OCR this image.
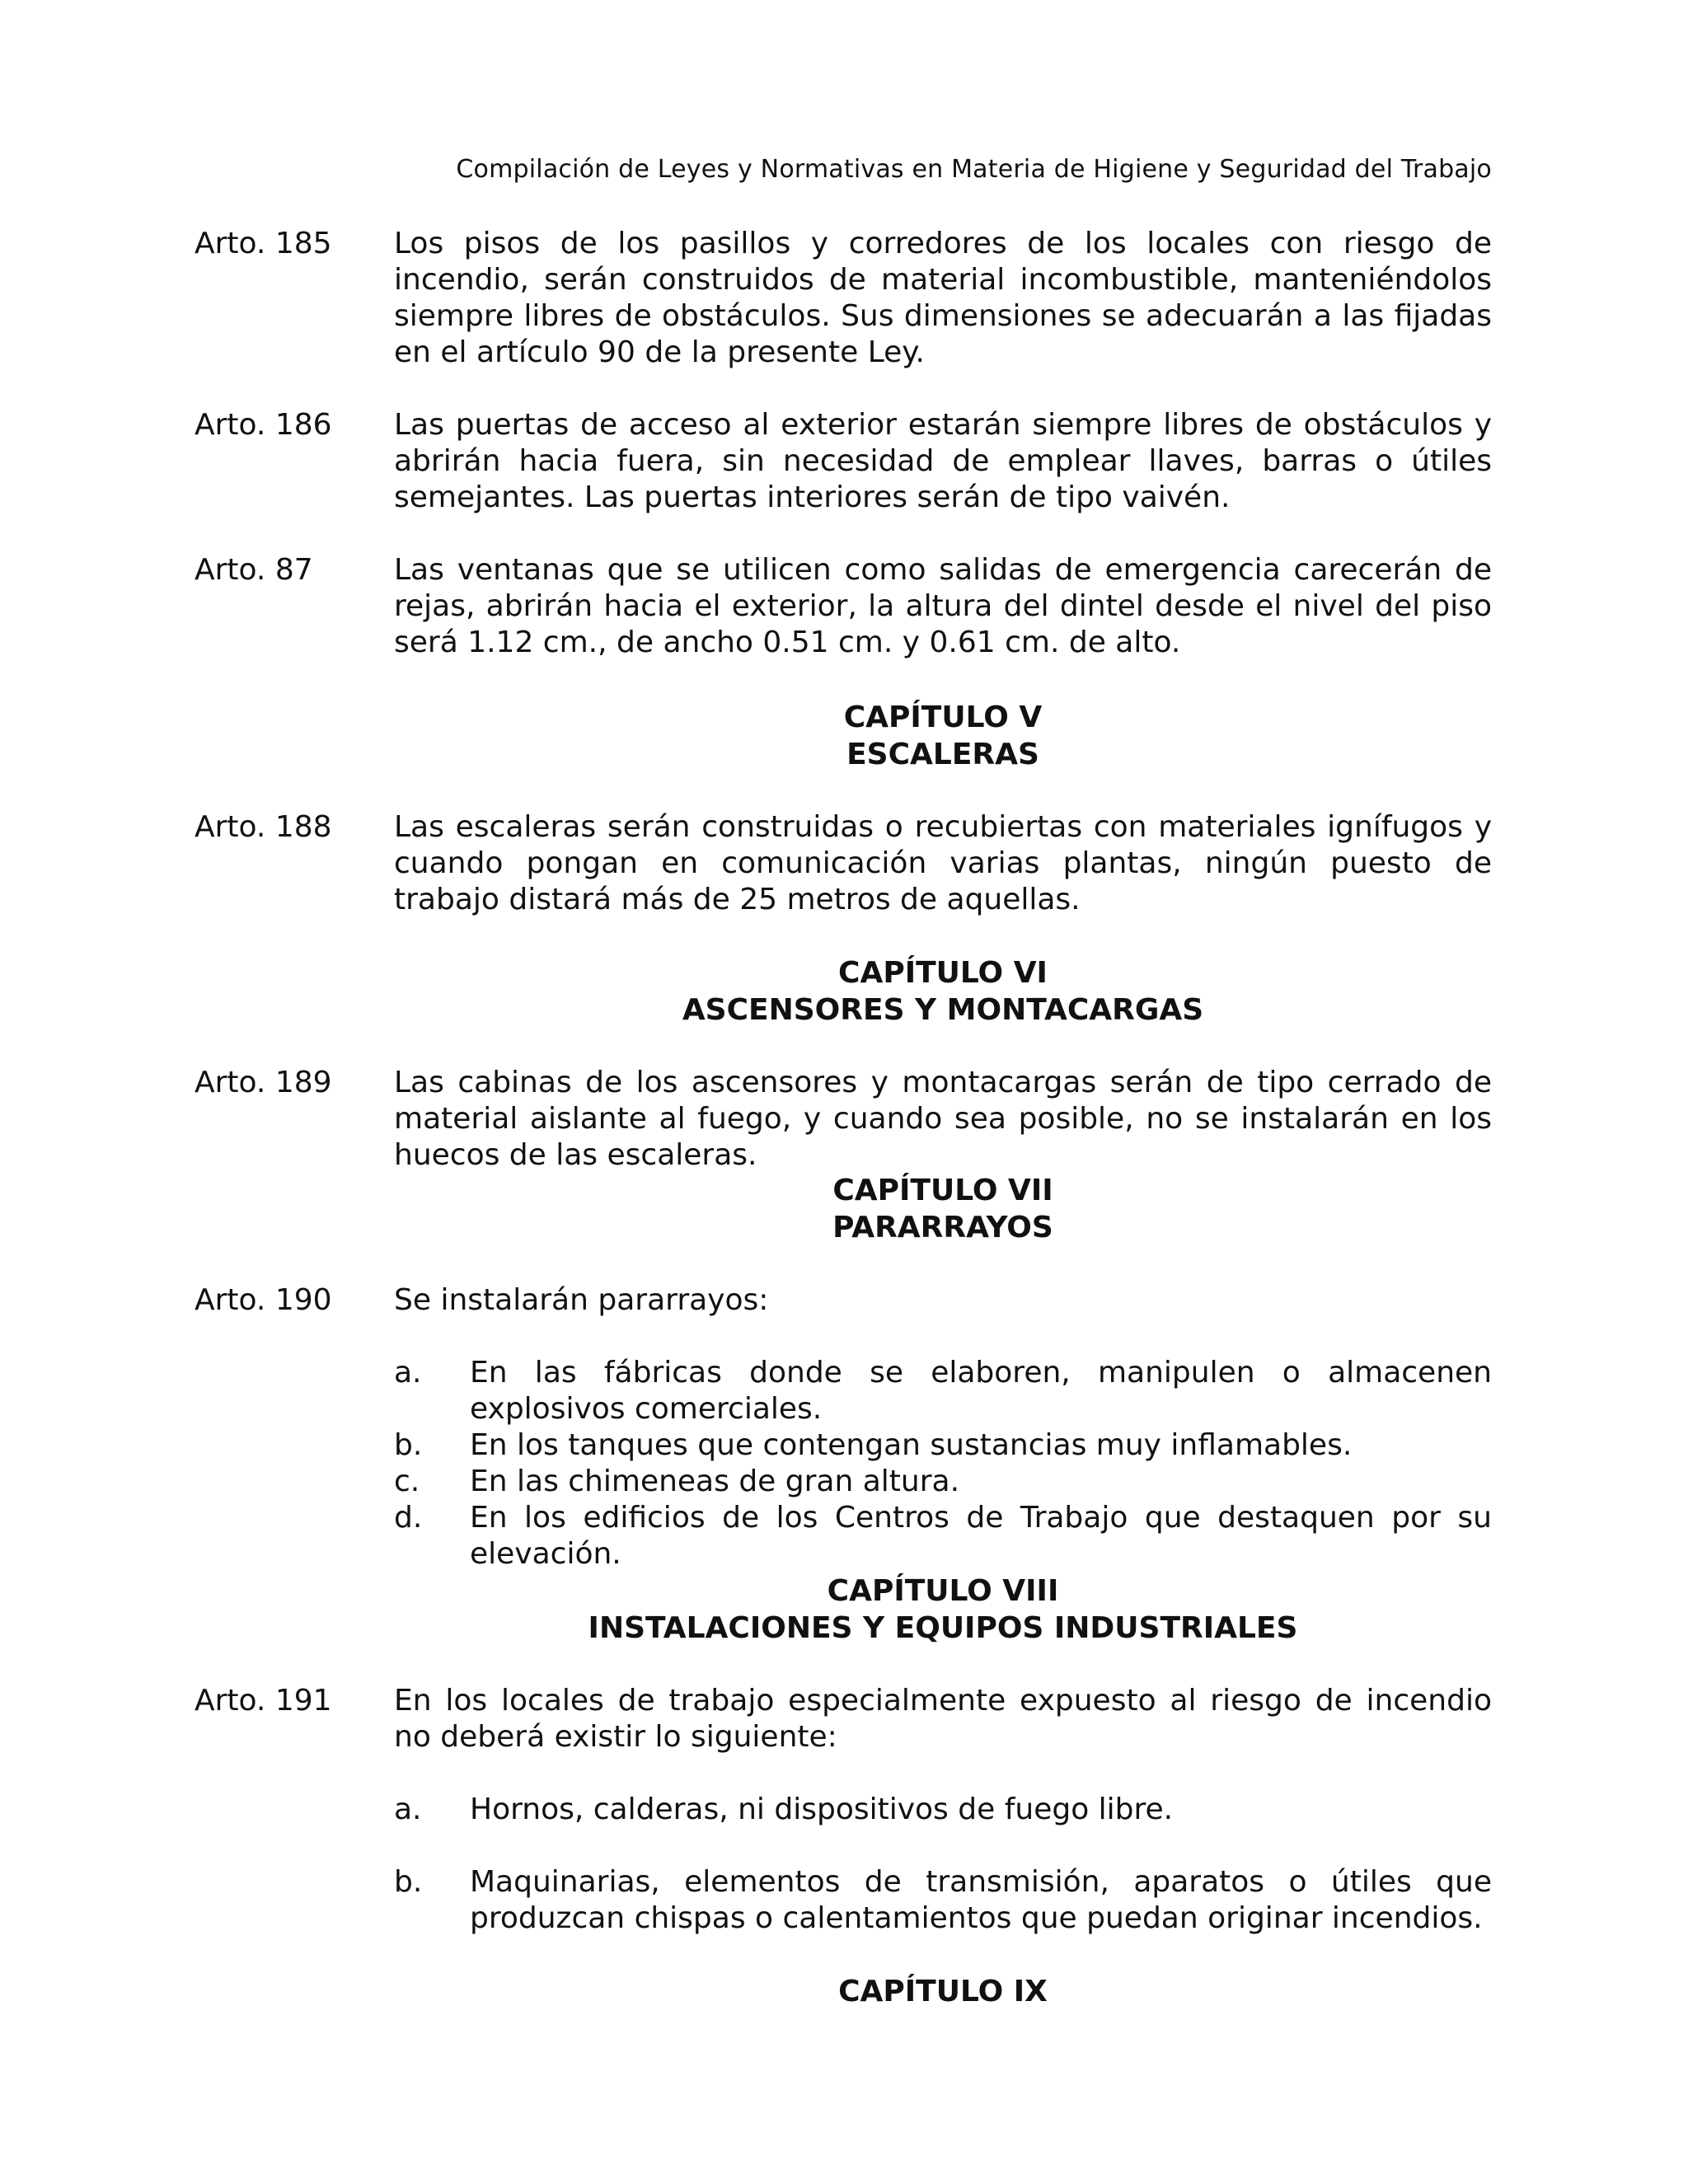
Compilación de Leyes y Normativas en Materia de Higiene y Seguridad del Trabajo
Arto. 185	Los pisos de los pasillos y corredores de los locales con riesgo de incendio, serán construidos de material incombustible, manteniéndolos siempre libres de obstáculos. Sus dimensiones se adecuarán a las fijadas en el artículo 90 de la presente Ley.
Arto. 186	Las puertas de acceso al exterior estarán siempre libres de obstáculos y abrirán hacia fuera, sin necesidad de emplear llaves, barras o útiles semejantes. Las puertas interiores serán de tipo vaivén.
Arto. 87	Las ventanas que se utilicen como salidas de emergencia carecerán de rejas, abrirán hacia el exterior, la altura del dintel desde el nivel del piso será 1.12 cm., de ancho 0.51 cm. y 0.61 cm. de alto.
CAPÍTULO V
ESCALERAS
Arto. 188	Las escaleras serán construidas o recubiertas con materiales ignífugos y cuando pongan en comunicación varias plantas, ningún puesto de trabajo distará más de 25 metros de aquellas.
CAPÍTULO VI
ASCENSORES Y MONTACARGAS
Arto. 189	Las cabinas de los ascensores y montacargas serán de tipo cerrado de material aislante al fuego, y cuando sea posible, no se instalarán en los huecos de las escaleras.
CAPÍTULO VII
PARARRAYOS
Arto. 190	Se instalarán pararrayos:
a.	En las fábricas donde se elaboren, manipulen o almacenen explosivos comerciales.
b.	En los tanques que contengan sustancias muy inflamables.
c.	En las chimeneas de gran altura.
d.	En los edificios de los Centros de Trabajo que destaquen por su elevación.
CAPÍTULO VIII
INSTALACIONES Y EQUIPOS INDUSTRIALES
Arto. 191	En los locales de trabajo especialmente expuesto al riesgo de incendio no deberá existir lo siguiente:
a.	Hornos, calderas, ni dispositivos de fuego libre.
b.	Maquinarias, elementos de transmisión, aparatos o útiles que produzcan chispas o calentamientos que puedan originar incendios.
CAPÍTULO IX
